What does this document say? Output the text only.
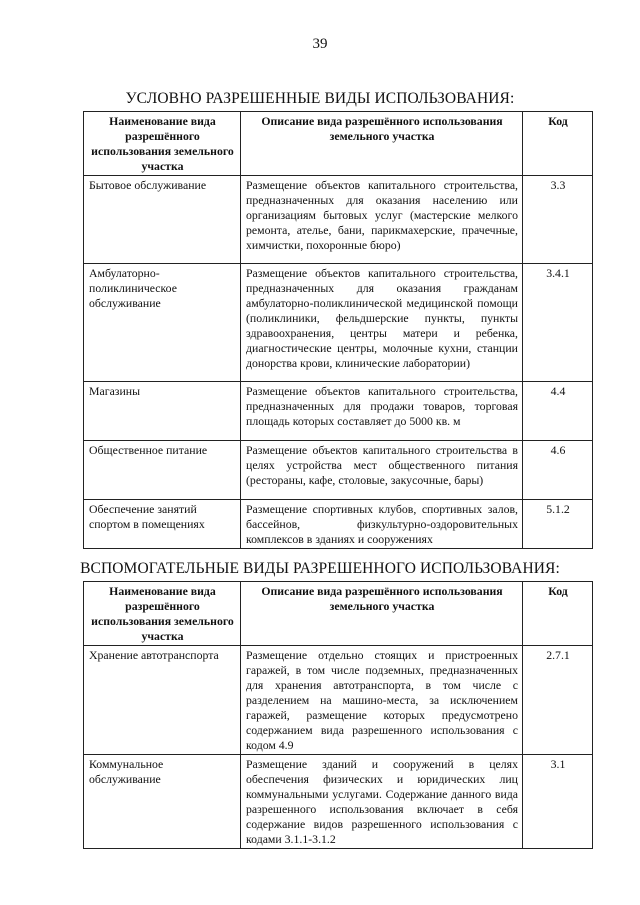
39
УСЛОВНО РАЗРЕШЕННЫЕ ВИДЫ ИСПОЛЬЗОВАНИЯ:
Наименование вида разрешённого использования земельного участка	Описание вида разрешённого использования земельного участка	Код
Бытовое обслуживание	Размещение объектов капитального строительства, предназначенных для оказания населению или организациям бытовых услуг (мастерские мелкого ремонта, ателье, бани, парикмахерские, прачечные, химчистки, похоронные бюро)	3.3
Амбулаторно-поликлиническое обслуживание	Размещение объектов капитального строительства, предназначенных для оказания гражданам амбулаторно-поликлинической медицинской помощи (поликлиники, фельдшерские пункты, пункты здравоохранения, центры матери и ребенка, диагностические центры, молочные кухни, станции донорства крови, клинические лаборатории)	3.4.1
Магазины	Размещение объектов капитального строительства, предназначенных для продажи товаров, торговая площадь которых составляет до 5000 кв. м	4.4
Общественное питание	Размещение объектов капитального строительства в целях устройства мест общественного питания (рестораны, кафе, столовые, закусочные, бары)	4.6
Обеспечение занятий спортом в помещениях	Размещение спортивных клубов, спортивных залов, бассейнов, физкультурно-оздоровительных комплексов в зданиях и сооружениях	5.1.2
ВСПОМОГАТЕЛЬНЫЕ ВИДЫ РАЗРЕШЕННОГО ИСПОЛЬЗОВАНИЯ:
Наименование вида разрешённого использования земельного участка	Описание вида разрешённого использования земельного участка	Код
Хранение автотранспорта	Размещение отдельно стоящих и пристроенных гаражей, в том числе подземных, предназначенных для хранения автотранспорта, в том числе с разделением на машино-места, за исключением гаражей, размещение которых предусмотрено содержанием вида разрешенного использования с кодом 4.9	2.7.1
Коммунальное обслуживание	Размещение зданий и сооружений в целях обеспечения физических и юридических лиц коммунальными услугами. Содержание данного вида разрешенного использования включает в себя содержание видов разрешенного использования с кодами 3.1.1-3.1.2	3.1
